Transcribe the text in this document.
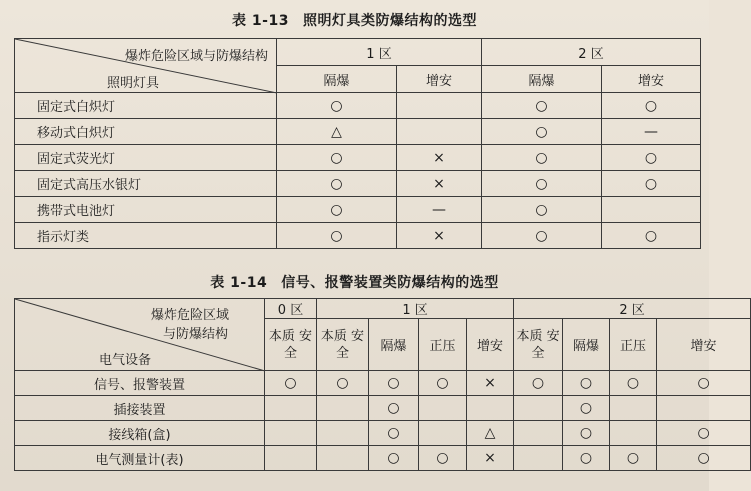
表 1-13 照明灯具类防爆结构的选型
爆炸危险区域与防爆结构
照明灯具	1 区		2 区	
	隔爆	增安	隔爆	增安
固定式白炽灯	○		○	○
移动式白炽灯	△		○	—
固定式荧光灯	○	×	○	○
固定式高压水银灯	○	×	○	○
携带式电池灯	○	—	○	
指示灯类	○	×	○	○
表 1-14 信号、报警装置类防爆结构的选型
爆炸危险区域
与防爆结构
电气设备	0 区	1 区				2 区			
	本质 安全	本质 安全	隔爆	正压	增安	本质 安全	隔爆	正压	增安
信号、报警装置	○	○	○	○	×	○	○	○	○
插接装置			○				○		
接线箱(盒)			○		△		○		○
电气测量计(表)			○	○	×		○	○	○
